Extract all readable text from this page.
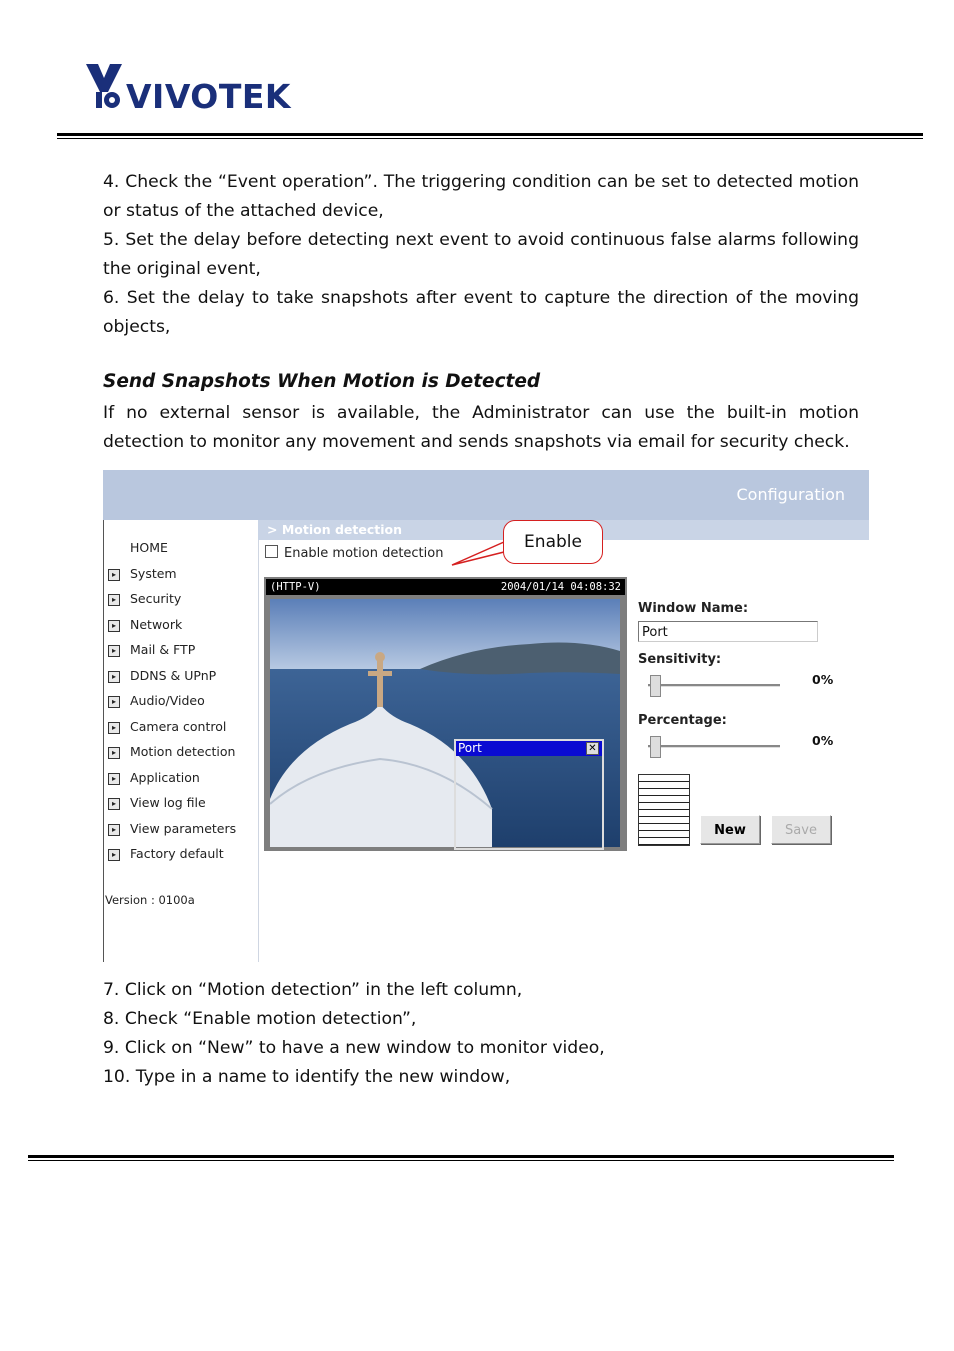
VIVOTEK

4. Check the “Event operation”. The triggering condition can be set to detected motion or status of the attached device,

5. Set the delay before detecting next event to avoid continuous false alarms following the original event,

6. Set the delay to take snapshots after event to capture the direction of the moving objects,

Send Snapshots When Motion is Detected

If no external sensor is available, the Administrator can use the built-in motion detection to monitor any movement and sends snapshots via email for security check.

Configuration
HOME
▸ System
▸ Security
▸ Network
▸ Mail & FTP
▸ DDNS & UPnP
▸ Audio/Video
▸ Camera control
▸ Motion detection
▸ Application
▸ View log file
▸ View parameters
▸ Factory default
Version : 0100a
> Motion detection
Enable motion detection
Enable
(HTTP-V)	2004/01/14 04:08:32
Port	✕
Window Name:
Port
Sensitivity:
0%
Percentage:
0%
New	Save

7. Click on “Motion detection” in the left column,

8. Check “Enable motion detection”,

9. Click on “New” to have a new window to monitor video,

10. Type in a name to identify the new window,
